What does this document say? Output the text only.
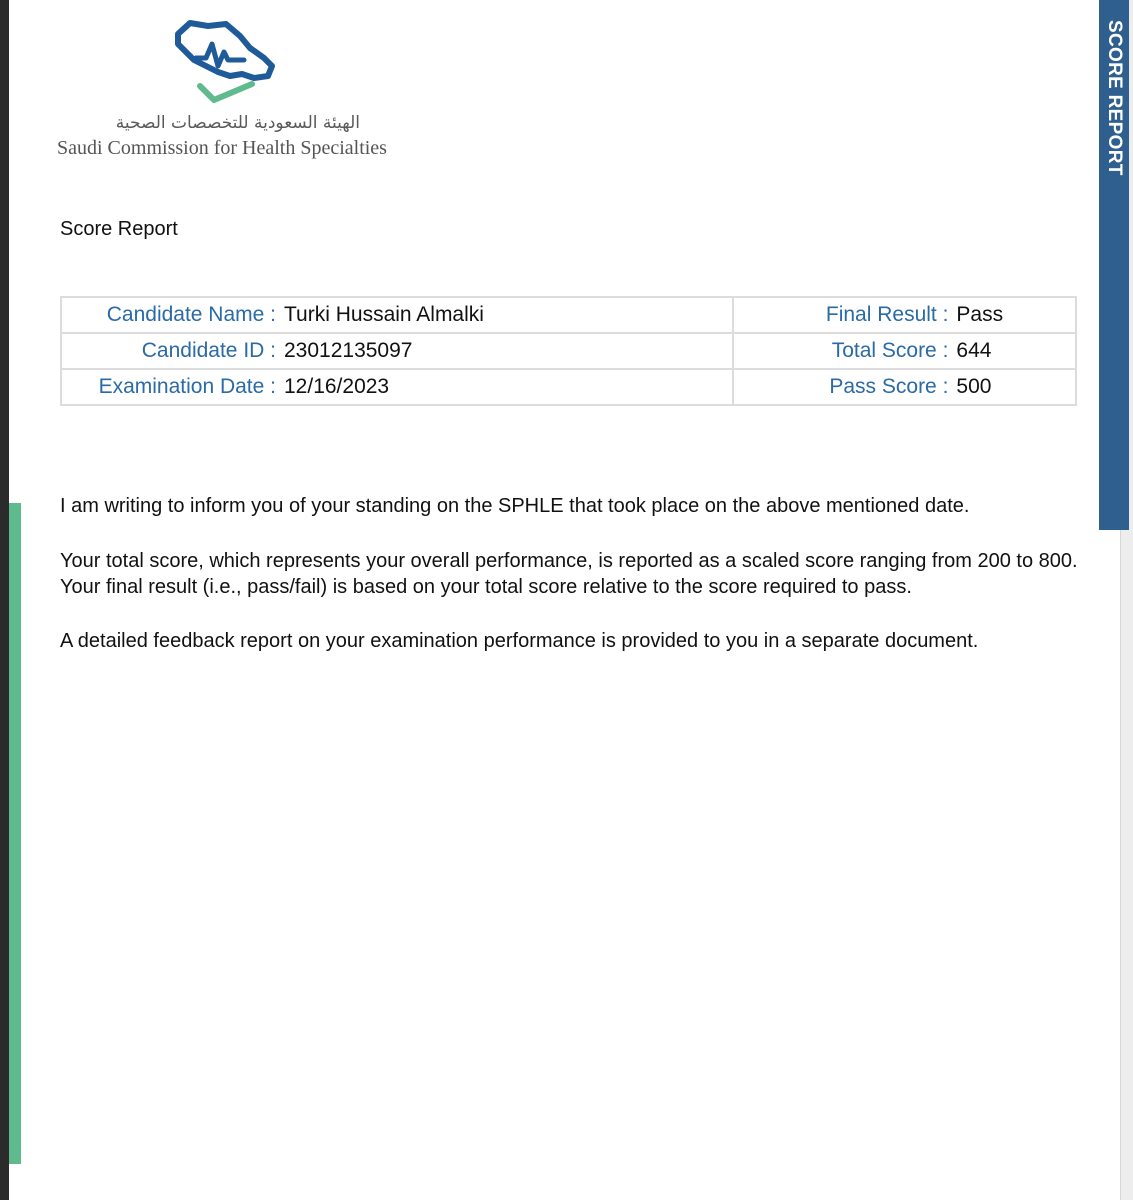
SCORE REPORT
الهيئة السعودية للتخصصات الصحية
Saudi Commission for Health Specialties
Score Report
Candidate Name : Turki Hussain Almalki	Final Result : Pass
Candidate ID : 23012135097	Total Score : 644
Examination Date : 12/16/2023	Pass Score : 500
I am writing to inform you of your standing on the SPHLE that took place on the above mentioned date.
Your total score, which represents your overall performance, is reported as a scaled score ranging from 200 to 800. Your final result (i.e., pass/fail) is based on your total score relative to the score required to pass.
A detailed feedback report on your examination performance is provided to you in a separate document.
